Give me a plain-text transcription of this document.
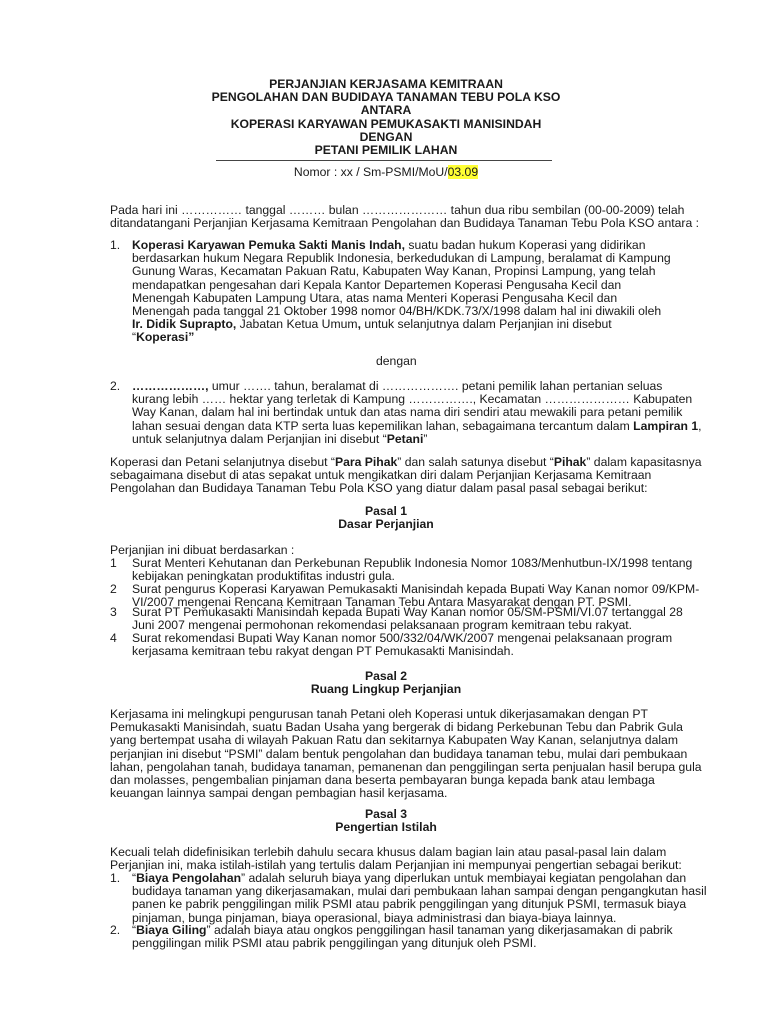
PERJANJIAN KERJASAMA KEMITRAAN
PENGOLAHAN DAN BUDIDAYA TANAMAN TEBU POLA KSO
ANTARA
KOPERASI KARYAWAN PEMUKASAKTI MANISINDAH
DENGAN
PETANI PEMILIK LAHAN
Nomor : xx / Sm-PSMI/MoU/03.09
Pada hari ini …………… tanggal ……… bulan ………………… tahun dua ribu sembilan (00-00-2009) telah
ditandatangani Perjanjian Kerjasama Kemitraan Pengolahan dan Budidaya Tanaman Tebu Pola KSO antara :
1. Koperasi Karyawan Pemuka Sakti Manis Indah, suatu badan hukum Koperasi yang didirikan
berdasarkan hukum Negara Republik Indonesia, berkedudukan di Lampung, beralamat di Kampung
Gunung Waras, Kecamatan Pakuan Ratu, Kabupaten Way Kanan, Propinsi Lampung, yang telah
mendapatkan pengesahan dari Kepala Kantor Departemen Koperasi Pengusaha Kecil dan
Menengah Kabupaten Lampung Utara, atas nama Menteri Koperasi Pengusaha Kecil dan
Menengah pada tanggal 21 Oktober 1998 nomor 04/BH/KDK.73/X/1998 dalam hal ini diwakili oleh
Ir. Didik Suprapto, Jabatan Ketua Umum, untuk selanjutnya dalam Perjanjian ini disebut
“Koperasi”
dengan
2. ………………, umur ……. tahun, beralamat di ………………. petani pemilik lahan pertanian seluas
kurang lebih …… hektar yang terletak di Kampung ……………., Kecamatan ………………… Kabupaten
Way Kanan, dalam hal ini bertindak untuk dan atas nama diri sendiri atau mewakili para petani pemilik
lahan sesuai dengan data KTP serta luas kepemilikan lahan, sebagaimana tercantum dalam Lampiran 1,
untuk selanjutnya dalam Perjanjian ini disebut “Petani”
Koperasi dan Petani selanjutnya disebut “Para Pihak” dan salah satunya disebut “Pihak” dalam kapasitasnya
sebagaimana disebut di atas sepakat untuk mengikatkan diri dalam Perjanjian Kerjasama Kemitraan
Pengolahan dan Budidaya Tanaman Tebu Pola KSO yang diatur dalam pasal pasal sebagai berikut:
Pasal 1
Dasar Perjanjian
Perjanjian ini dibuat berdasarkan :
1 Surat Menteri Kehutanan dan Perkebunan Republik Indonesia Nomor 1083/Menhutbun-IX/1998 tentang
kebijakan peningkatan produktifitas industri gula.
2 Surat pengurus Koperasi Karyawan Pemukasakti Manisindah kepada Bupati Way Kanan nomor 09/KPM-
VI/2007 mengenai Rencana Kemitraan Tanaman Tebu Antara Masyarakat dengan PT. PSMI.
3 Surat PT Pemukasakti Manisindah kepada Bupati Way Kanan nomor 05/SM-PSMI/VI.07 tertanggal 28
Juni 2007 mengenai permohonan rekomendasi pelaksanaan program kemitraan tebu rakyat.
4 Surat rekomendasi Bupati Way Kanan nomor 500/332/04/WK/2007 mengenai pelaksanaan program
kerjasama kemitraan tebu rakyat dengan PT Pemukasakti Manisindah.
Pasal 2
Ruang Lingkup Perjanjian
Kerjasama ini melingkupi pengurusan tanah Petani oleh Koperasi untuk dikerjasamakan dengan PT
Pemukasakti Manisindah, suatu Badan Usaha yang bergerak di bidang Perkebunan Tebu dan Pabrik Gula
yang bertempat usaha di wilayah Pakuan Ratu dan sekitarnya Kabupaten Way Kanan, selanjutnya dalam
perjanjian ini disebut “PSMI” dalam bentuk pengolahan dan budidaya tanaman tebu, mulai dari pembukaan
lahan, pengolahan tanah, budidaya tanaman, pemanenan dan penggilingan serta penjualan hasil berupa gula
dan molasses, pengembalian pinjaman dana beserta pembayaran bunga kepada bank atau lembaga
keuangan lainnya sampai dengan pembagian hasil kerjasama.
Pasal 3
Pengertian Istilah
Kecuali telah didefinisikan terlebih dahulu secara khusus dalam bagian lain atau pasal-pasal lain dalam
Perjanjian ini, maka istilah-istilah yang tertulis dalam Perjanjian ini mempunyai pengertian sebagai berikut:
1. “Biaya Pengolahan” adalah seluruh biaya yang diperlukan untuk membiayai kegiatan pengolahan dan
budidaya tanaman yang dikerjasamakan, mulai dari pembukaan lahan sampai dengan pengangkutan hasil
panen ke pabrik penggilingan milik PSMI atau pabrik penggilingan yang ditunjuk PSMI, termasuk biaya
pinjaman, bunga pinjaman, biaya operasional, biaya administrasi dan biaya-biaya lainnya.
2. “Biaya Giling” adalah biaya atau ongkos penggilingan hasil tanaman yang dikerjasamakan di pabrik
penggilingan milik PSMI atau pabrik penggilingan yang ditunjuk oleh PSMI.
